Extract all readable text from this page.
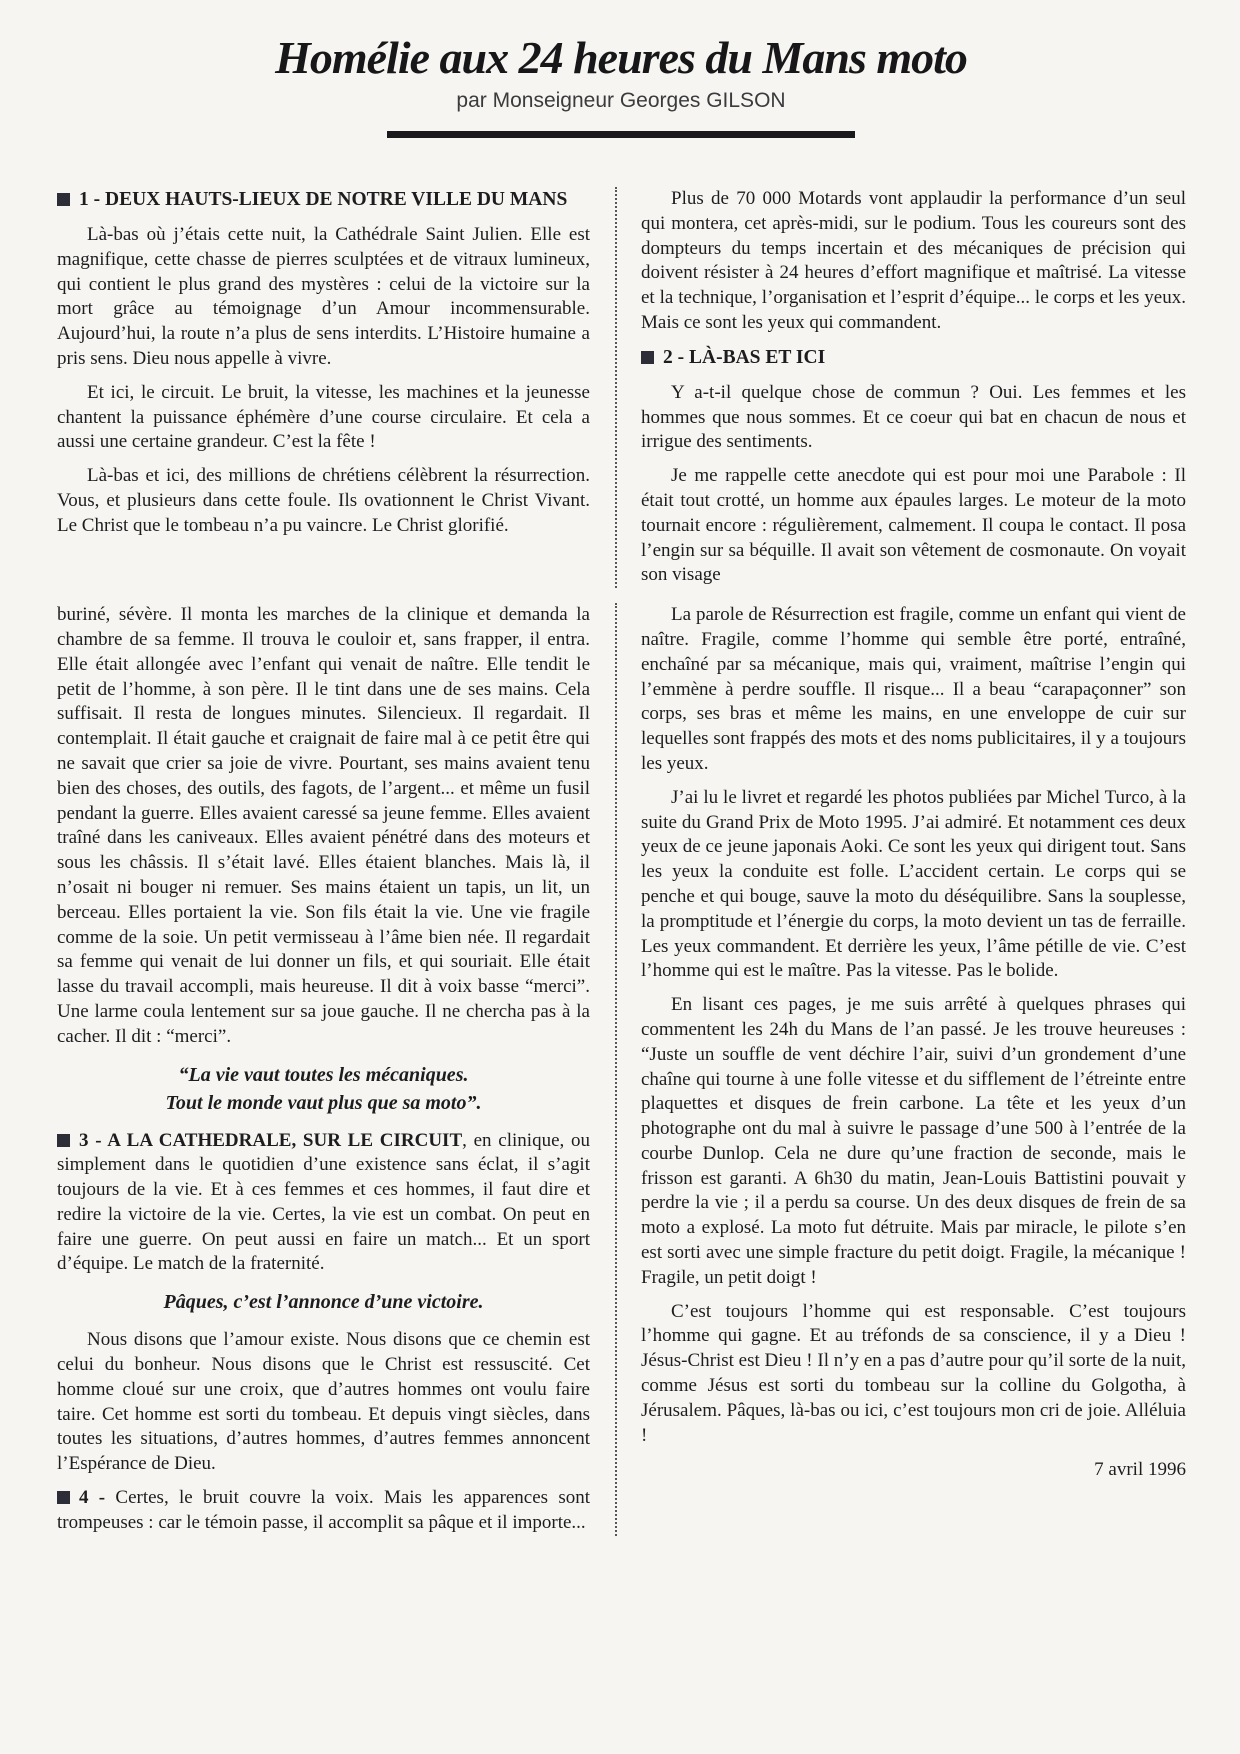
Homélie aux 24 heures du Mans moto
par Monseigneur Georges GILSON
1 - DEUX HAUTS-LIEUX DE NOTRE VILLE DU MANS

Là-bas où j’étais cette nuit, la Cathédrale Saint Julien. Elle est magnifique, cette chasse de pierres sculptées et de vitraux lumineux, qui contient le plus grand des mystères : celui de la victoire sur la mort grâce au témoignage d’un Amour incommensurable. Aujourd’hui, la route n’a plus de sens interdits. L’Histoire humaine a pris sens. Dieu nous appelle à vivre.

Et ici, le circuit. Le bruit, la vitesse, les machines et la jeunesse chantent la puissance éphémère d’une course circulaire. Et cela a aussi une certaine grandeur. C’est la fête !

Là-bas et ici, des millions de chrétiens célèbrent la résurrection. Vous, et plusieurs dans cette foule. Ils ovationnent le Christ Vivant. Le Christ que le tombeau n’a pu vaincre. Le Christ glorifié.

Plus de 70 000 Motards vont applaudir la performance d’un seul qui montera, cet après-midi, sur le podium. Tous les coureurs sont des dompteurs du temps incertain et des mécaniques de précision qui doivent résister à 24 heures d’effort magnifique et maîtrisé. La vitesse et la technique, l’organisation et l’esprit d’équipe... le corps et les yeux. Mais ce sont les yeux qui commandent.

2 - LÀ-BAS ET ICI

Y a-t-il quelque chose de commun ? Oui. Les femmes et les hommes que nous sommes. Et ce coeur qui bat en chacun de nous et irrigue des sentiments.

Je me rappelle cette anecdote qui est pour moi une Parabole : Il était tout crotté, un homme aux épaules larges. Le moteur de la moto tournait encore : régulièrement, calmement. Il coupa le contact. Il posa l’engin sur sa béquille. Il avait son vêtement de cosmonaute. On voyait son visage

buriné, sévère. Il monta les marches de la clinique et demanda la chambre de sa femme. Il trouva le couloir et, sans frapper, il entra. Elle était allongée avec l’enfant qui venait de naître. Elle tendit le petit de l’homme, à son père. Il le tint dans une de ses mains. Cela suffisait. Il resta de longues minutes. Silencieux. Il regardait. Il contemplait. Il était gauche et craignait de faire mal à ce petit être qui ne savait que crier sa joie de vivre. Pourtant, ses mains avaient tenu bien des choses, des outils, des fagots, de l’argent... et même un fusil pendant la guerre. Elles avaient caressé sa jeune femme. Elles avaient traîné dans les caniveaux. Elles avaient pénétré dans des moteurs et sous les châssis. Il s’était lavé. Elles étaient blanches. Mais là, il n’osait ni bouger ni remuer. Ses mains étaient un tapis, un lit, un berceau. Elles portaient la vie. Son fils était la vie. Une vie fragile comme de la soie. Un petit vermisseau à l’âme bien née. Il regardait sa femme qui venait de lui donner un fils, et qui souriait. Elle était lasse du travail accompli, mais heureuse. Il dit à voix basse “merci”. Une larme coula lentement sur sa joue gauche. Il ne chercha pas à la cacher. Il dit : “merci”.

“La vie vaut toutes les mécaniques.
Tout le monde vaut plus que sa moto”.

3 - A LA CATHEDRALE, SUR LE CIRCUIT, en clinique, ou simplement dans le quotidien d’une existence sans éclat, il s’agit toujours de la vie. Et à ces femmes et ces hommes, il faut dire et redire la victoire de la vie. Certes, la vie est un combat. On peut en faire une guerre. On peut aussi en faire un match... Et un sport d’équipe. Le match de la fraternité.

Pâques, c’est l’annonce d’une victoire.

Nous disons que l’amour existe. Nous disons que ce chemin est celui du bonheur. Nous disons que le Christ est ressuscité. Cet homme cloué sur une croix, que d’autres hommes ont voulu faire taire. Cet homme est sorti du tombeau. Et depuis vingt siècles, dans toutes les situations, d’autres hommes, d’autres femmes annoncent l’Espérance de Dieu.

4 - Certes, le bruit couvre la voix. Mais les apparences sont trompeuses : car le témoin passe, il accomplit sa pâque et il importe...

La parole de Résurrection est fragile, comme un enfant qui vient de naître. Fragile, comme l’homme qui semble être porté, entraîné, enchaîné par sa mécanique, mais qui, vraiment, maîtrise l’engin qui l’emmène à perdre souffle. Il risque... Il a beau “carapaçonner” son corps, ses bras et même les mains, en une enveloppe de cuir sur lequelles sont frappés des mots et des noms publicitaires, il y a toujours les yeux.

J’ai lu le livret et regardé les photos publiées par Michel Turco, à la suite du Grand Prix de Moto 1995. J’ai admiré. Et notamment ces deux yeux de ce jeune japonais Aoki. Ce sont les yeux qui dirigent tout. Sans les yeux la conduite est folle. L’accident certain. Le corps qui se penche et qui bouge, sauve la moto du déséquilibre. Sans la souplesse, la promptitude et l’énergie du corps, la moto devient un tas de ferraille. Les yeux commandent. Et derrière les yeux, l’âme pétille de vie. C’est l’homme qui est le maître. Pas la vitesse. Pas le bolide.

En lisant ces pages, je me suis arrêté à quelques phrases qui commentent les 24h du Mans de l’an passé. Je les trouve heureuses : “Juste un souffle de vent déchire l’air, suivi d’un grondement d’une chaîne qui tourne à une folle vitesse et du sifflement de l’étreinte entre plaquettes et disques de frein carbone. La tête et les yeux d’un photographe ont du mal à suivre le passage d’une 500 à l’entrée de la courbe Dunlop. Cela ne dure qu’une fraction de seconde, mais le frisson est garanti. A 6h30 du matin, Jean-Louis Battistini pouvait y perdre la vie ; il a perdu sa course. Un des deux disques de frein de sa moto a explosé. La moto fut détruite. Mais par miracle, le pilote s’en est sorti avec une simple fracture du petit doigt. Fragile, la mécanique ! Fragile, un petit doigt !

C’est toujours l’homme qui est responsable. C’est toujours l’homme qui gagne. Et au tréfonds de sa conscience, il y a Dieu ! Jésus-Christ est Dieu ! Il n’y en a pas d’autre pour qu’il sorte de la nuit, comme Jésus est sorti du tombeau sur la colline du Golgotha, à Jérusalem. Pâques, là-bas ou ici, c’est toujours mon cri de joie. Alléluia !

7 avril 1996
